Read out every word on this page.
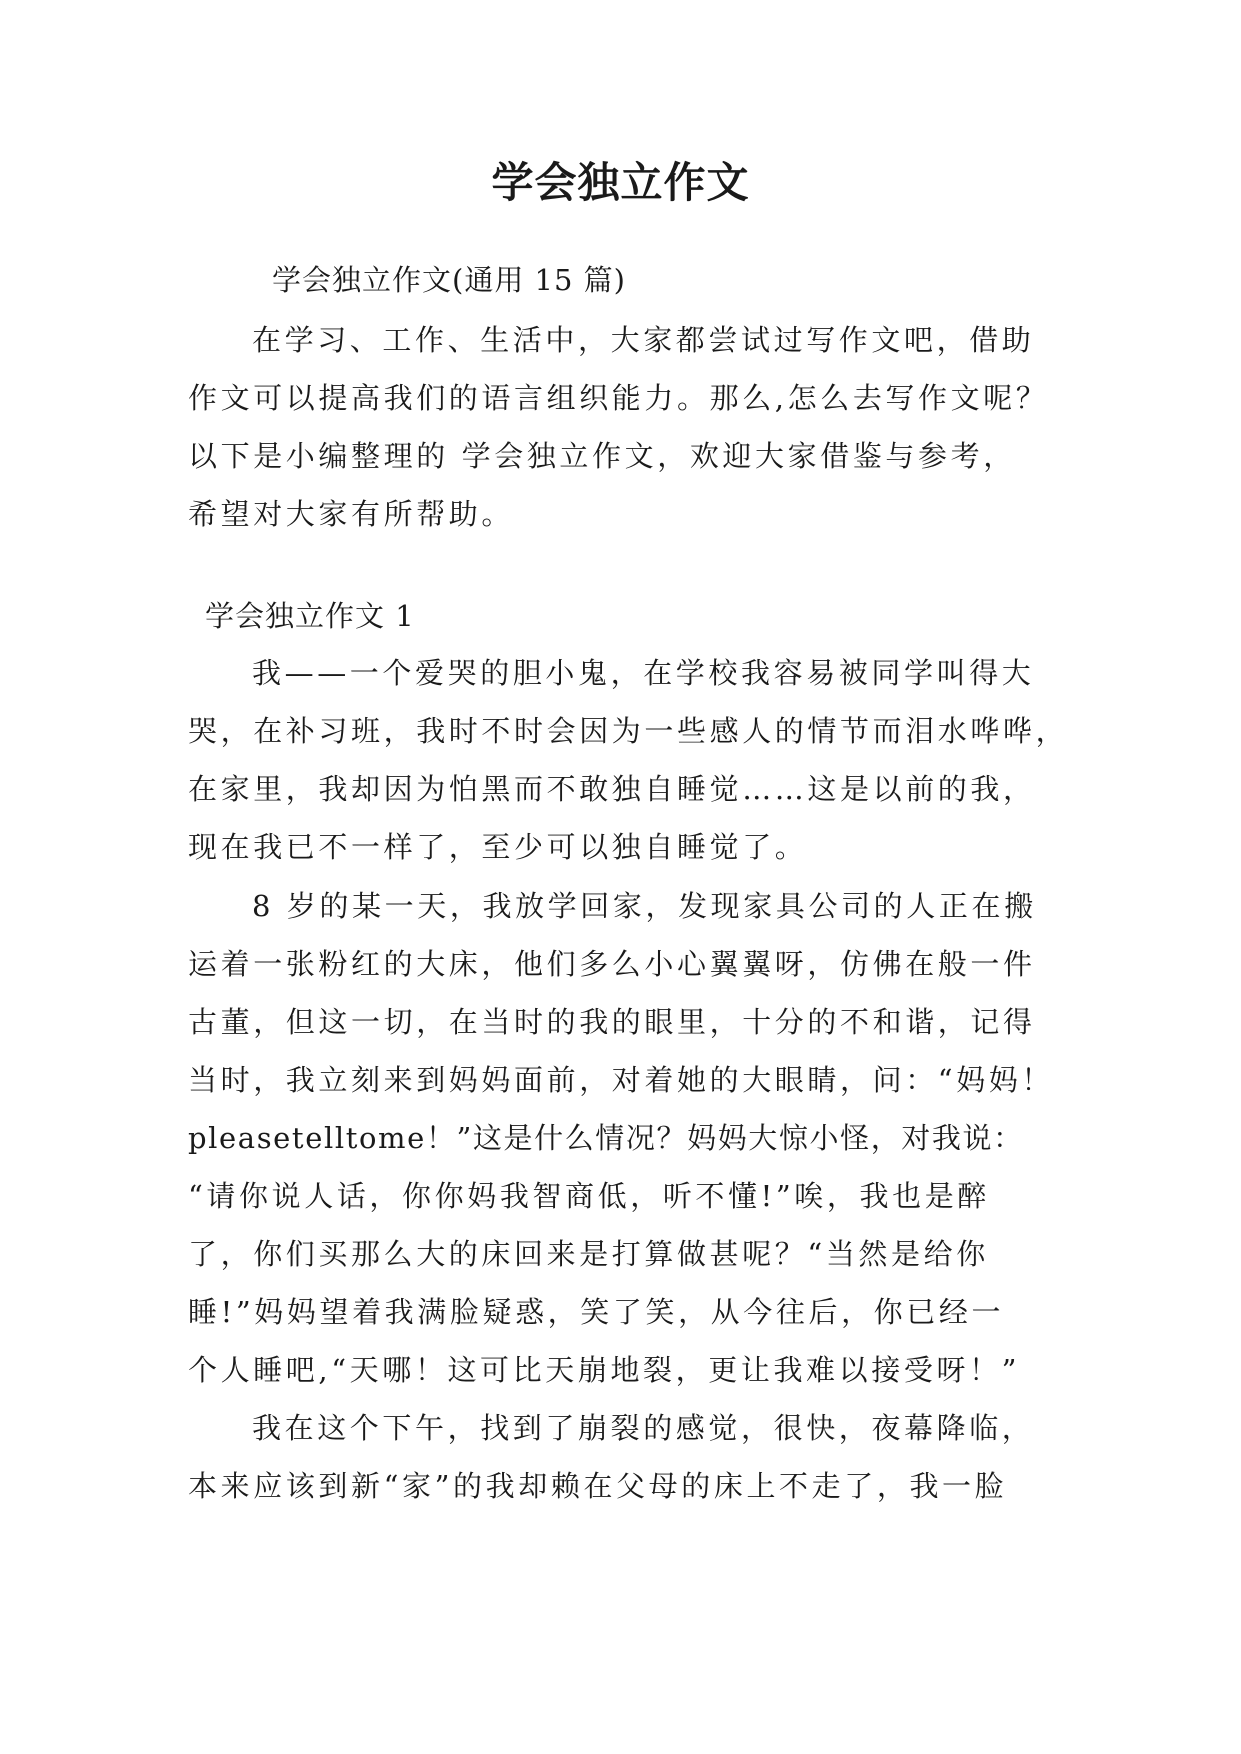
学会独立作文
学会独立作文(通用 15 篇)
在学习、工作、生活中，大家都尝试过写作文吧，借助
作文可以提高我们的语言组织能力。那么,怎么去写作文呢？
以下是小编整理的 学会独立作文，欢迎大家借鉴与参考，
希望对大家有所帮助。
学会独立作文 1
我——一个爱哭的胆小鬼，在学校我容易被同学叫得大
哭，在补习班，我时不时会因为一些感人的情节而泪水哗哗，
在家里，我却因为怕黑而不敢独自睡觉……这是以前的我，
现在我已不一样了，至少可以独自睡觉了。
8 岁的某一天，我放学回家，发现家具公司的人正在搬
运着一张粉红的大床，他们多么小心翼翼呀，仿佛在般一件
古董，但这一切，在当时的我的眼里，十分的不和谐，记得
当时，我立刻来到妈妈面前，对着她的大眼睛，问：“妈妈！
pleasetelltome！”这是什么情况？妈妈大惊小怪，对我说：
“请你说人话，你你妈我智商低，听不懂!”唉，我也是醉
了，你们买那么大的床回来是打算做甚呢？“当然是给你
睡!”妈妈望着我满脸疑惑，笑了笑，从今往后，你已经一
个人睡吧,“天哪！这可比天崩地裂，更让我难以接受呀！”
我在这个下午，找到了崩裂的感觉，很快，夜幕降临，
本来应该到新“家”的我却赖在父母的床上不走了，我一脸
